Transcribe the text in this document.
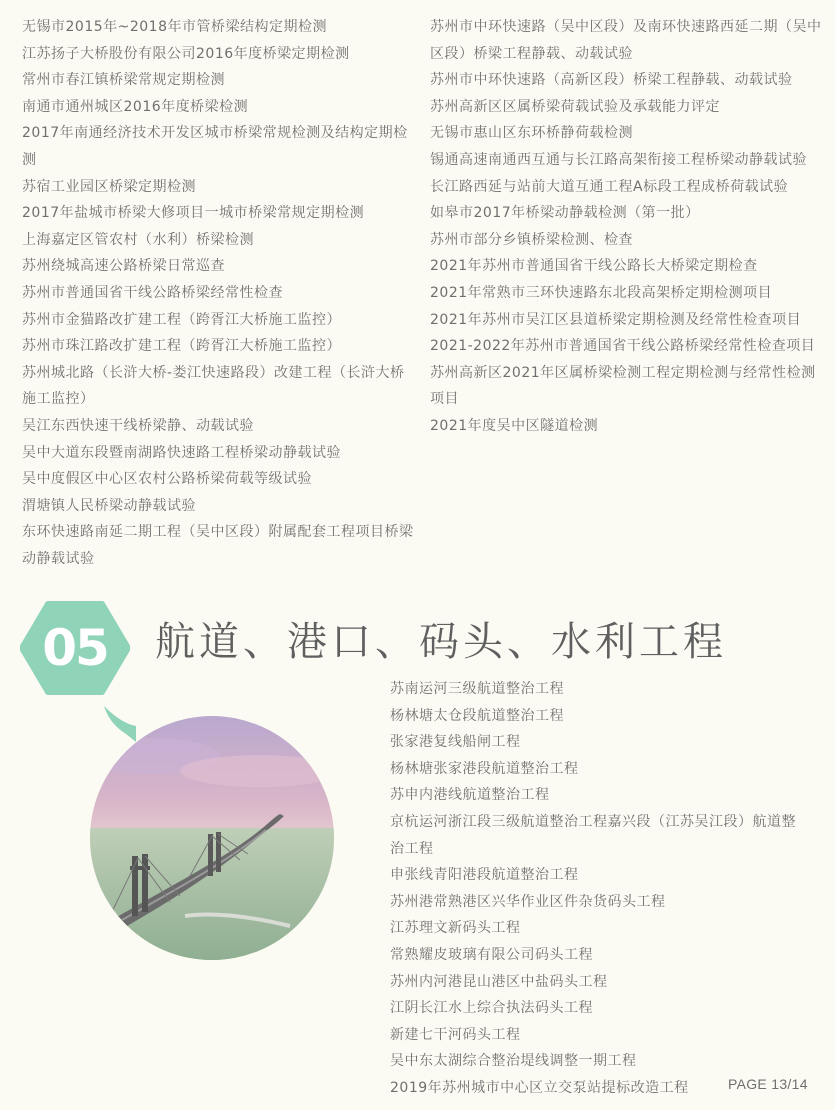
无锡市2015年~2018年市管桥梁结构定期检测
江苏扬子大桥股份有限公司2016年度桥梁定期检测
常州市春江镇桥梁常规定期检测
南通市通州城区2016年度桥梁检测
2017年南通经济技术开发区城市桥梁常规检测及结构定期检测
苏宿工业园区桥梁定期检测
2017年盐城市桥梁大修项目一城市桥梁常规定期检测
上海嘉定区管农村（水利）桥梁检测
苏州绕城高速公路桥梁日常巡查
苏州市普通国省干线公路桥梁经常性检查
苏州市金猫路改扩建工程（跨胥江大桥施工监控）
苏州市珠江路改扩建工程（跨胥江大桥施工监控）
苏州城北路（长浒大桥-娄江快速路段）改建工程（长浒大桥施工监控）
吴江东西快速干线桥梁静、动载试验
吴中大道东段暨南湖路快速路工程桥梁动静载试验
吴中度假区中心区农村公路桥梁荷载等级试验
渭塘镇人民桥梁动静载试验
东环快速路南延二期工程（吴中区段）附属配套工程项目桥梁动静载试验
苏州市中环快速路（吴中区段）及南环快速路西延二期（吴中区段）桥梁工程静载、动载试验
苏州市中环快速路（高新区段）桥梁工程静载、动载试验
苏州高新区区属桥梁荷载试验及承载能力评定
无锡市惠山区东环桥静荷载检测
锡通高速南通西互通与长江路高架衔接工程桥梁动静载试验
长江路西延与站前大道互通工程A标段工程成桥荷载试验
如皋市2017年桥梁动静载检测（第一批）
苏州市部分乡镇桥梁检测、检查
2021年苏州市普通国省干线公路长大桥梁定期检查
2021年常熟市三环快速路东北段高架桥定期检测项目
2021年苏州市吴江区县道桥梁定期检测及经常性检查项目
2021-2022年苏州市普通国省干线公路桥梁经常性检查项目
苏州高新区2021年区属桥梁检测工程定期检测与经常性检测项目
2021年度吴中区隧道检测
05	航道、港口、码头、水利工程
苏南运河三级航道整治工程
杨林塘太仓段航道整治工程
张家港复线船闸工程
杨林塘张家港段航道整治工程
苏申内港线航道整治工程
京杭运河浙江段三级航道整治工程嘉兴段（江苏吴江段）航道整治工程
申张线青阳港段航道整治工程
苏州港常熟港区兴华作业区件杂货码头工程
江苏理文新码头工程
常熟耀皮玻璃有限公司码头工程
苏州内河港昆山港区中盐码头工程
江阴长江水上综合执法码头工程
新建七干河码头工程
吴中东太湖综合整治堤线调整一期工程
2019年苏州城市中心区立交泵站提标改造工程	PAGE 13/14
